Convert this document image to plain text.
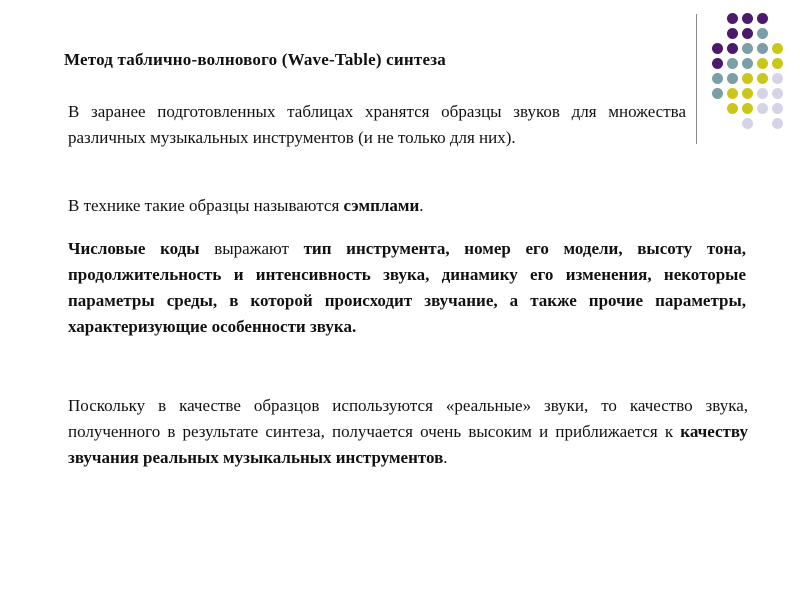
Метод таблично-волнового (Wave-Table) синтеза
В заранее подготовленных таблицах хранятся образцы звуков для множества различных музыкальных инструментов (и не только для них).
В технике такие образцы называются сэмплами.
Числовые коды выражают тип инструмента, номер его модели, высоту тона, продолжительность и интенсивность звука, динамику его изменения, некоторые параметры среды, в которой происходит звучание, а также прочие параметры, характеризующие особенности звука.
Поскольку в качестве образцов используются «реальные» звуки, то качество звука, полученного в результате синтеза, получается очень высоким и приближается к качеству звучания реальных музыкальных инструментов.
